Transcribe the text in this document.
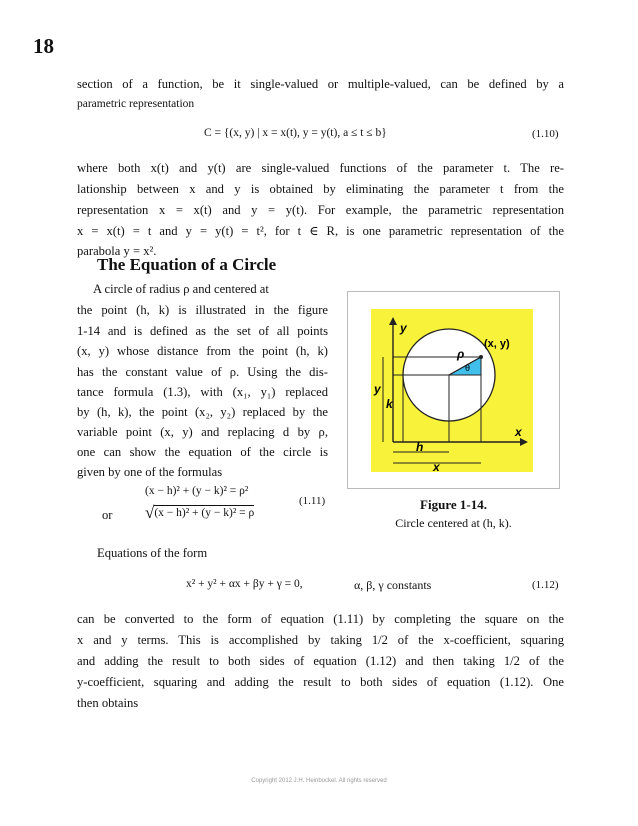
18
section of a function, be it single-valued or multiple-valued, can be defined by a
parametric representation
C = {(x, y) | x = x(t), y = y(t), a ≤ t ≤ b}	(1.10)
where both x(t) and y(t) are single-valued functions of the parameter t. The re-
lationship between x and y is obtained by eliminating the parameter t from the
representation x = x(t) and y = y(t). For example, the parametric representation
x = x(t) = t and y = y(t) = t², for t ∈ R, is one parametric representation of the
parabola y = x².
The Equation of a Circle
A circle of radius ρ and centered at
the point (h, k) is illustrated in the figure
1-14 and is defined as the set of all points
(x, y) whose distance from the point (h, k)
has the constant value of ρ. Using the dis-
tance formula (1.3), with (x₁, y₁) replaced
by (h, k), the point (x₂, y₂) replaced by the
variable point (x, y) and replacing d by ρ,
one can show the equation of the circle is
given by one of the formulas
(x − h)² + (y − k)² = ρ²
or √(x − h)² + (y − k)² = ρ
(1.11)
y
x
(x, y)
ρ
θ
y
k
h
x
Figure 1-14.
Circle centered at (h, k).
Equations of the form
x² + y² + αx + βy + γ = 0,	α, β, γ constants	(1.12)
can be converted to the form of equation (1.11) by completing the square on the
x and y terms. This is accomplished by taking 1/2 of the x-coefficient, squaring
and adding the result to both sides of equation (1.12) and then taking 1/2 of the
y-coefficient, squaring and adding the result to both sides of equation (1.12). One
then obtains
Copyright 2012 J.H. Heinbockel. All rights reserved
